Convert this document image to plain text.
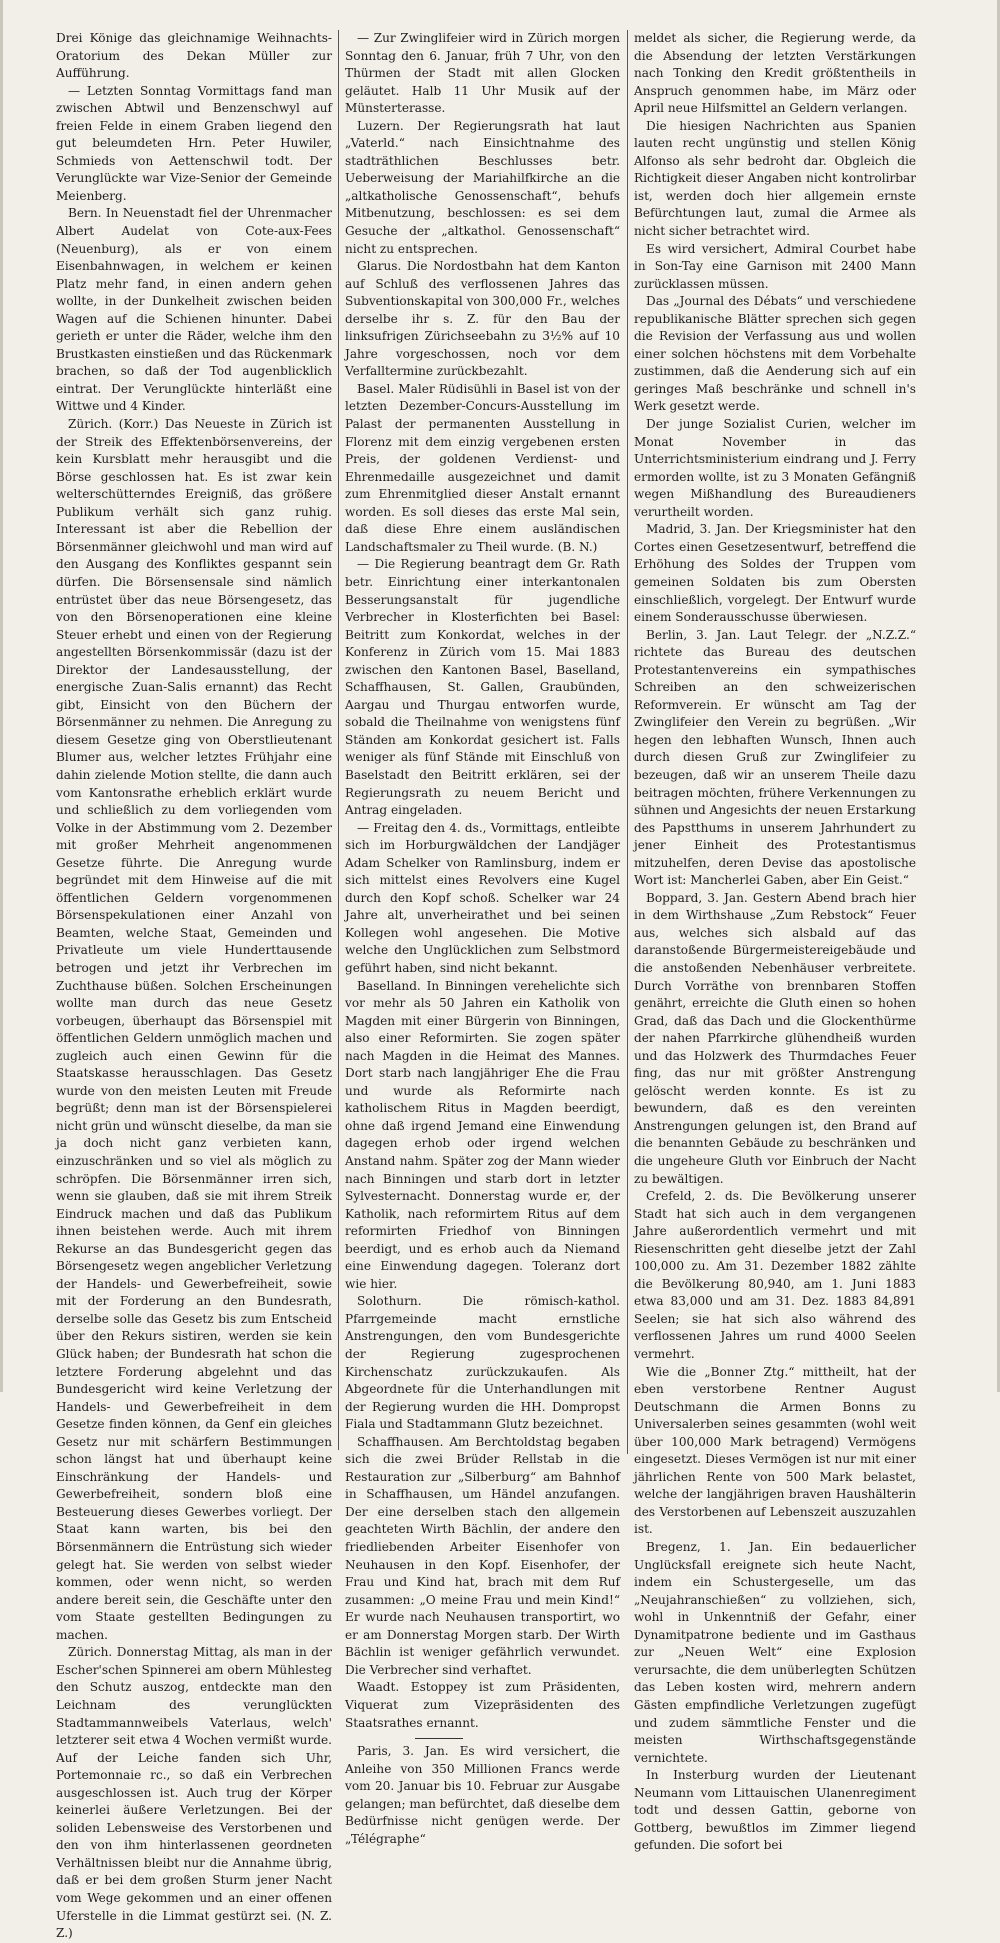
Drei Könige das gleichnamige Weihnachts-Oratorium des Dekan Müller zur Aufführung.

— Letzten Sonntag Vormittags fand man zwischen Abtwil und Benzenschwyl auf freien Felde in einem Graben liegend den gut beleumdeten Hrn. Peter Huwiler, Schmieds von Aettenschwil todt. Der Verunglückte war Vize-Senior der Gemeinde Meienberg.

Bern. In Neuenstadt fiel der Uhrenmacher Albert Audelat von Cote-aux-Fees (Neuenburg), als er von einem Eisenbahnwagen, in welchem er keinen Platz mehr fand, in einen andern gehen wollte, in der Dunkelheit zwischen beiden Wagen auf die Schienen hinunter. Dabei gerieth er unter die Räder, welche ihm den Brustkasten einstießen und das Rückenmark brachen, so daß der Tod augenblicklich eintrat. Der Verunglückte hinterläßt eine Wittwe und 4 Kinder.

Zürich. (Korr.) Das Neueste in Zürich ist der Streik des Effektenbörsenvereins, der kein Kursblatt mehr herausgibt und die Börse geschlossen hat. Es ist zwar kein welterschütterndes Ereigniß, das größere Publikum verhält sich ganz ruhig. Interessant ist aber die Rebellion der Börsenmänner gleichwohl und man wird auf den Ausgang des Konfliktes gespannt sein dürfen. Die Börsensensale sind nämlich entrüstet über das neue Börsengesetz, das von den Börsenoperationen eine kleine Steuer erhebt und einen von der Regierung angestellten Börsenkommissär (dazu ist der Direktor der Landesausstellung, der energische Zuan-Salis ernannt) das Recht gibt, Einsicht von den Büchern der Börsenmänner zu nehmen. Die Anregung zu diesem Gesetze ging von Oberstlieutenant Blumer aus, welcher letztes Frühjahr eine dahin zielende Motion stellte, die dann auch vom Kantonsrathe erheblich erklärt wurde und schließlich zu dem vorliegenden vom Volke in der Abstimmung vom 2. Dezember mit großer Mehrheit angenommenen Gesetze führte. Die Anregung wurde begründet mit dem Hinweise auf die mit öffentlichen Geldern vorgenommenen Börsenspekulationen einer Anzahl von Beamten, welche Staat, Gemeinden und Privatleute um viele Hunderttausende betrogen und jetzt ihr Verbrechen im Zuchthause büßen. Solchen Erscheinungen wollte man durch das neue Gesetz vorbeugen, überhaupt das Börsenspiel mit öffentlichen Geldern unmöglich machen und zugleich auch einen Gewinn für die Staatskasse herausschlagen. Das Gesetz wurde von den meisten Leuten mit Freude begrüßt; denn man ist der Börsenspielerei nicht grün und wünscht dieselbe, da man sie ja doch nicht ganz verbieten kann, einzuschränken und so viel als möglich zu schröpfen. Die Börsenmänner irren sich, wenn sie glauben, daß sie mit ihrem Streik Eindruck machen und daß das Publikum ihnen beistehen werde. Auch mit ihrem Rekurse an das Bundesgericht gegen das Börsengesetz wegen angeblicher Verletzung der Handels- und Gewerbefreiheit, sowie mit der Forderung an den Bundesrath, derselbe solle das Gesetz bis zum Entscheid über den Rekurs sistiren, werden sie kein Glück haben; der Bundesrath hat schon die letztere Forderung abgelehnt und das Bundesgericht wird keine Verletzung der Handels- und Gewerbefreiheit in dem Gesetze finden können, da Genf ein gleiches Gesetz nur mit schärfern Bestimmungen schon längst hat und überhaupt keine Einschränkung der Handels- und Gewerbefreiheit, sondern bloß eine Besteuerung dieses Gewerbes vorliegt. Der Staat kann warten, bis bei den Börsenmännern die Entrüstung sich wieder gelegt hat. Sie werden von selbst wieder kommen, oder wenn nicht, so werden andere bereit sein, die Geschäfte unter den vom Staate gestellten Bedingungen zu machen.

Zürich. Donnerstag Mittag, als man in der Escher'schen Spinnerei am obern Mühlesteg den Schutz auszog, entdeckte man den Leichnam des verunglückten Stadtammannweibels Vaterlaus, welch' letzterer seit etwa 4 Wochen vermißt wurde. Auf der Leiche fanden sich Uhr, Portemonnaie rc., so daß ein Verbrechen ausgeschlossen ist. Auch trug der Körper keinerlei äußere Verletzungen. Bei der soliden Lebensweise des Verstorbenen und den von ihm hinterlassenen geordneten Verhältnissen bleibt nur die Annahme übrig, daß er bei dem großen Sturm jener Nacht vom Wege gekommen und an einer offenen Uferstelle in die Limmat gestürzt sei. (N. Z. Z.)

— Zur Zwinglifeier wird in Zürich morgen Sonntag den 6. Januar, früh 7 Uhr, von den Thürmen der Stadt mit allen Glocken geläutet. Halb 11 Uhr Musik auf der Münsterterasse.

Luzern. Der Regierungsrath hat laut „Vaterld.“ nach Einsichtnahme des stadträthlichen Beschlusses betr. Ueberweisung der Mariahilfkirche an die „altkatholische Genossenschaft“, behufs Mitbenutzung, beschlossen: es sei dem Gesuche der „altkathol. Genossenschaft“ nicht zu entsprechen.

Glarus. Die Nordostbahn hat dem Kanton auf Schluß des verflossenen Jahres das Subventionskapital von 300,000 Fr., welches derselbe ihr s. Z. für den Bau der linksufrigen Zürichseebahn zu 3½% auf 10 Jahre vorgeschossen, noch vor dem Verfalltermine zurückbezahlt.

Basel. Maler Rüdisühli in Basel ist von der letzten Dezember-Concurs-Ausstellung im Palast der permanenten Ausstellung in Florenz mit dem einzig vergebenen ersten Preis, der goldenen Verdienst- und Ehrenmedaille ausgezeichnet und damit zum Ehrenmitglied dieser Anstalt ernannt worden. Es soll dieses das erste Mal sein, daß diese Ehre einem ausländischen Landschaftsmaler zu Theil wurde. (B. N.)

— Die Regierung beantragt dem Gr. Rath betr. Einrichtung einer interkantonalen Besserungsanstalt für jugendliche Verbrecher in Klosterfichten bei Basel: Beitritt zum Konkordat, welches in der Konferenz in Zürich vom 15. Mai 1883 zwischen den Kantonen Basel, Baselland, Schaffhausen, St. Gallen, Graubünden, Aargau und Thurgau entworfen wurde, sobald die Theilnahme von wenigstens fünf Ständen am Konkordat gesichert ist. Falls weniger als fünf Stände mit Einschluß von Baselstadt den Beitritt erklären, sei der Regierungsrath zu neuem Bericht und Antrag eingeladen.

— Freitag den 4. ds., Vormittags, entleibte sich im Horburgwäldchen der Landjäger Adam Schelker von Ramlinsburg, indem er sich mittelst eines Revolvers eine Kugel durch den Kopf schoß. Schelker war 24 Jahre alt, unverheirathet und bei seinen Kollegen wohl angesehen. Die Motive welche den Unglücklichen zum Selbstmord geführt haben, sind nicht bekannt.

Baselland. In Binningen verehelichte sich vor mehr als 50 Jahren ein Katholik von Magden mit einer Bürgerin von Binningen, also einer Reformirten. Sie zogen später nach Magden in die Heimat des Mannes. Dort starb nach langjähriger Ehe die Frau und wurde als Reformirte nach katholischem Ritus in Magden beerdigt, ohne daß irgend Jemand eine Einwendung dagegen erhob oder irgend welchen Anstand nahm. Später zog der Mann wieder nach Binningen und starb dort in letzter Sylvesternacht. Donnerstag wurde er, der Katholik, nach reformirtem Ritus auf dem reformirten Friedhof von Binningen beerdigt, und es erhob auch da Niemand eine Einwendung dagegen. Toleranz dort wie hier.

Solothurn. Die römisch-kathol. Pfarrgemeinde macht ernstliche Anstrengungen, den vom Bundesgerichte der Regierung zugesprochenen Kirchenschatz zurückzukaufen. Als Abgeordnete für die Unterhandlungen mit der Regierung wurden die HH. Dompropst Fiala und Stadtammann Glutz bezeichnet.

Schaffhausen. Am Berchtoldstag begaben sich die zwei Brüder Rellstab in die Restauration zur „Silberburg“ am Bahnhof in Schaffhausen, um Händel anzufangen. Der eine derselben stach den allgemein geachteten Wirth Bächlin, der andere den friedliebenden Arbeiter Eisenhofer von Neuhausen in den Kopf. Eisenhofer, der Frau und Kind hat, brach mit dem Ruf zusammen: „O meine Frau und mein Kind!“ Er wurde nach Neuhausen transportirt, wo er am Donnerstag Morgen starb. Der Wirth Bächlin ist weniger gefährlich verwundet. Die Verbrecher sind verhaftet.

Waadt. Estoppey ist zum Präsidenten, Viquerat zum Vizepräsidenten des Staatsrathes ernannt.

Paris, 3. Jan. Es wird versichert, die Anleihe von 350 Millionen Francs werde vom 20. Januar bis 10. Februar zur Ausgabe gelangen; man befürchtet, daß dieselbe dem Bedürfnisse nicht genügen werde. Der „Télégraphe“

meldet als sicher, die Regierung werde, da die Absendung der letzten Verstärkungen nach Tonking den Kredit größtentheils in Anspruch genommen habe, im März oder April neue Hilfsmittel an Geldern verlangen.

Die hiesigen Nachrichten aus Spanien lauten recht ungünstig und stellen König Alfonso als sehr bedroht dar. Obgleich die Richtigkeit dieser Angaben nicht kontrolirbar ist, werden doch hier allgemein ernste Befürchtungen laut, zumal die Armee als nicht sicher betrachtet wird.

Es wird versichert, Admiral Courbet habe in Son-Tay eine Garnison mit 2400 Mann zurücklassen müssen.

Das „Journal des Débats“ und verschiedene republikanische Blätter sprechen sich gegen die Revision der Verfassung aus und wollen einer solchen höchstens mit dem Vorbehalte zustimmen, daß die Aenderung sich auf ein geringes Maß beschränke und schnell in's Werk gesetzt werde.

Der junge Sozialist Curien, welcher im Monat November in das Unterrichtsministerium eindrang und J. Ferry ermorden wollte, ist zu 3 Monaten Gefängniß wegen Mißhandlung des Bureaudieners verurtheilt worden.

Madrid, 3. Jan. Der Kriegsminister hat den Cortes einen Gesetzesentwurf, betreffend die Erhöhung des Soldes der Truppen vom gemeinen Soldaten bis zum Obersten einschließlich, vorgelegt. Der Entwurf wurde einem Sonderausschusse überwiesen.

Berlin, 3. Jan. Laut Telegr. der „N.Z.Z.“ richtete das Bureau des deutschen Protestantenvereins ein sympathisches Schreiben an den schweizerischen Reformverein. Er wünscht am Tag der Zwinglifeier den Verein zu begrüßen. „Wir hegen den lebhaften Wunsch, Ihnen auch durch diesen Gruß zur Zwinglifeier zu bezeugen, daß wir an unserem Theile dazu beitragen möchten, frühere Verkennungen zu sühnen und Angesichts der neuen Erstarkung des Papstthums in unserem Jahrhundert zu jener Einheit des Protestantismus mitzuhelfen, deren Devise das apostolische Wort ist: Mancherlei Gaben, aber Ein Geist.“

Boppard, 3. Jan. Gestern Abend brach hier in dem Wirthshause „Zum Rebstock“ Feuer aus, welches sich alsbald auf das daranstoßende Bürgermeistereigebäude und die anstoßenden Nebenhäuser verbreitete. Durch Vorräthe von brennbaren Stoffen genährt, erreichte die Gluth einen so hohen Grad, daß das Dach und die Glockenthürme der nahen Pfarrkirche glühendheiß wurden und das Holzwerk des Thurmdaches Feuer fing, das nur mit größter Anstrengung gelöscht werden konnte. Es ist zu bewundern, daß es den vereinten Anstrengungen gelungen ist, den Brand auf die benannten Gebäude zu beschränken und die ungeheure Gluth vor Einbruch der Nacht zu bewältigen.

Crefeld, 2. ds. Die Bevölkerung unserer Stadt hat sich auch in dem vergangenen Jahre außerordentlich vermehrt und mit Riesenschritten geht dieselbe jetzt der Zahl 100,000 zu. Am 31. Dezember 1882 zählte die Bevölkerung 80,940, am 1. Juni 1883 etwa 83,000 und am 31. Dez. 1883 84,891 Seelen; sie hat sich also während des verflossenen Jahres um rund 4000 Seelen vermehrt.

Wie die „Bonner Ztg.“ mittheilt, hat der eben verstorbene Rentner August Deutschmann die Armen Bonns zu Universalerben seines gesammten (wohl weit über 100,000 Mark betragend) Vermögens eingesetzt. Dieses Vermögen ist nur mit einer jährlichen Rente von 500 Mark belastet, welche der langjährigen braven Haushälterin des Verstorbenen auf Lebenszeit auszuzahlen ist.

Bregenz, 1. Jan. Ein bedauerlicher Unglücksfall ereignete sich heute Nacht, indem ein Schustergeselle, um das „Neujahranschießen“ zu vollziehen, sich, wohl in Unkenntniß der Gefahr, einer Dynamitpatrone bediente und im Gasthaus zur „Neuen Welt“ eine Explosion verursachte, die dem unüberlegten Schützen das Leben kosten wird, mehrern andern Gästen empfindliche Verletzungen zugefügt und zudem sämmtliche Fenster und die meisten Wirthschaftsgegenstände vernichtete.

In Insterburg wurden der Lieutenant Neumann vom Littauischen Ulanenregiment todt und dessen Gattin, geborne von Gottberg, bewußtlos im Zimmer liegend gefunden. Die sofort bei
